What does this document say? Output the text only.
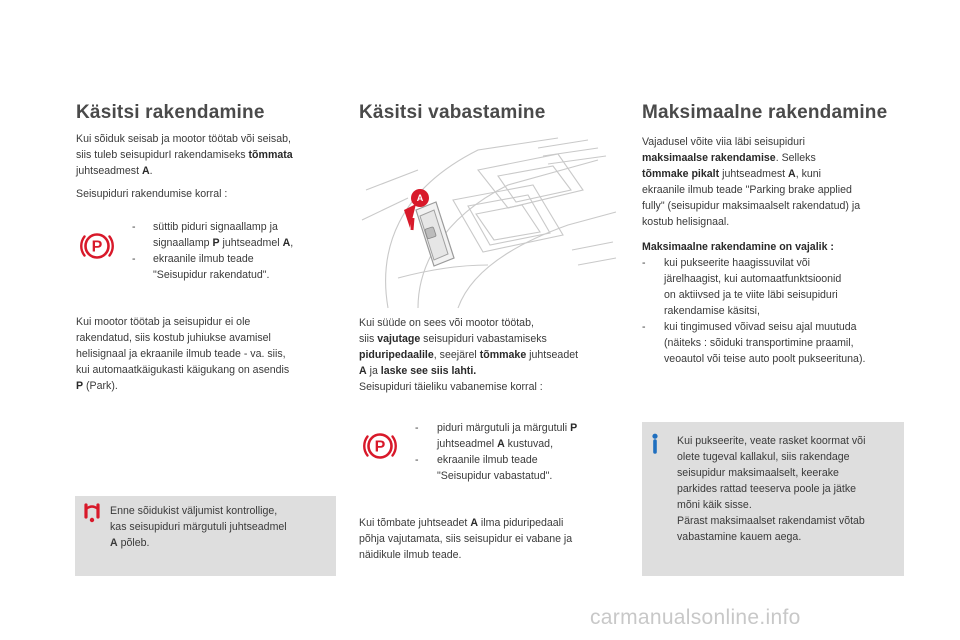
Käsitsi rakendamine
Kui sõiduk seisab ja mootor töötab või seisab,
siis tuleb seisupidurI rakendamiseks tõmmata
juhtseadmest A.
Seisupiduri rakendumise korral :
P
- süttib piduri signaallamp ja
signaallamp P juhtseadmel A,
- ekraanile ilmub teade
"Seisupidur rakendatud".
Kui mootor töötab ja seisupidur ei ole
rakendatud, siis kostub juhiukse avamisel
helisignaal ja ekraanile ilmub teade - va. siis,
kui automaatkäigukasti käigukang on asendis
P (Park).
Enne sõidukist väljumist kontrollige,
kas seisupiduri märgutuli juhtseadmel
A põleb.
Käsitsi vabastamine
A
Kui süüde on sees või mootor töötab,
siis vajutage seisupiduri vabastamiseks
piduripedaalile, seejärel tõmmake juhtseadet
A ja laske see siis lahti.
Seisupiduri täieliku vabanemise korral :
P
- piduri märgutuli ja märgutuli P
juhtseadmel A kustuvad,
- ekraanile ilmub teade
"Seisupidur vabastatud".
Kui tõmbate juhtseadet A ilma piduripedaali
põhja vajutamata, siis seisupidur ei vabane ja
näidikule ilmub teade.
Maksimaalne rakendamine
Vajadusel võite viia läbi seisupiduri
maksimaalse rakendamise. Selleks
tõmmake pikalt juhtseadmest A, kuni
ekraanile ilmub teade "Parking brake applied
fully" (seisupidur maksimaalselt rakendatud) ja
kostub helisignaal.
Maksimaalne rakendamine on vajalik :
- kui pukseerite haagissuvilat või
järelhaagist, kui automaatfunktsioonid
on aktiivsed ja te viite läbi seisupiduri
rakendamise käsitsi,
- kui tingimused võivad seisu ajal muutuda
(näiteks : sõiduki transportimine praamil,
veoautol või teise auto poolt pukseerituna).
Kui pukseerite, veate rasket koormat või
olete tugeval kallakul, siis rakendage
seisupidur maksimaalselt, keerake
parkides rattad teeserva poole ja jätke
mõni käik sisse.
Pärast maksimaalset rakendamist võtab
vabastamine kauem aega.
carmanualsonline.info
